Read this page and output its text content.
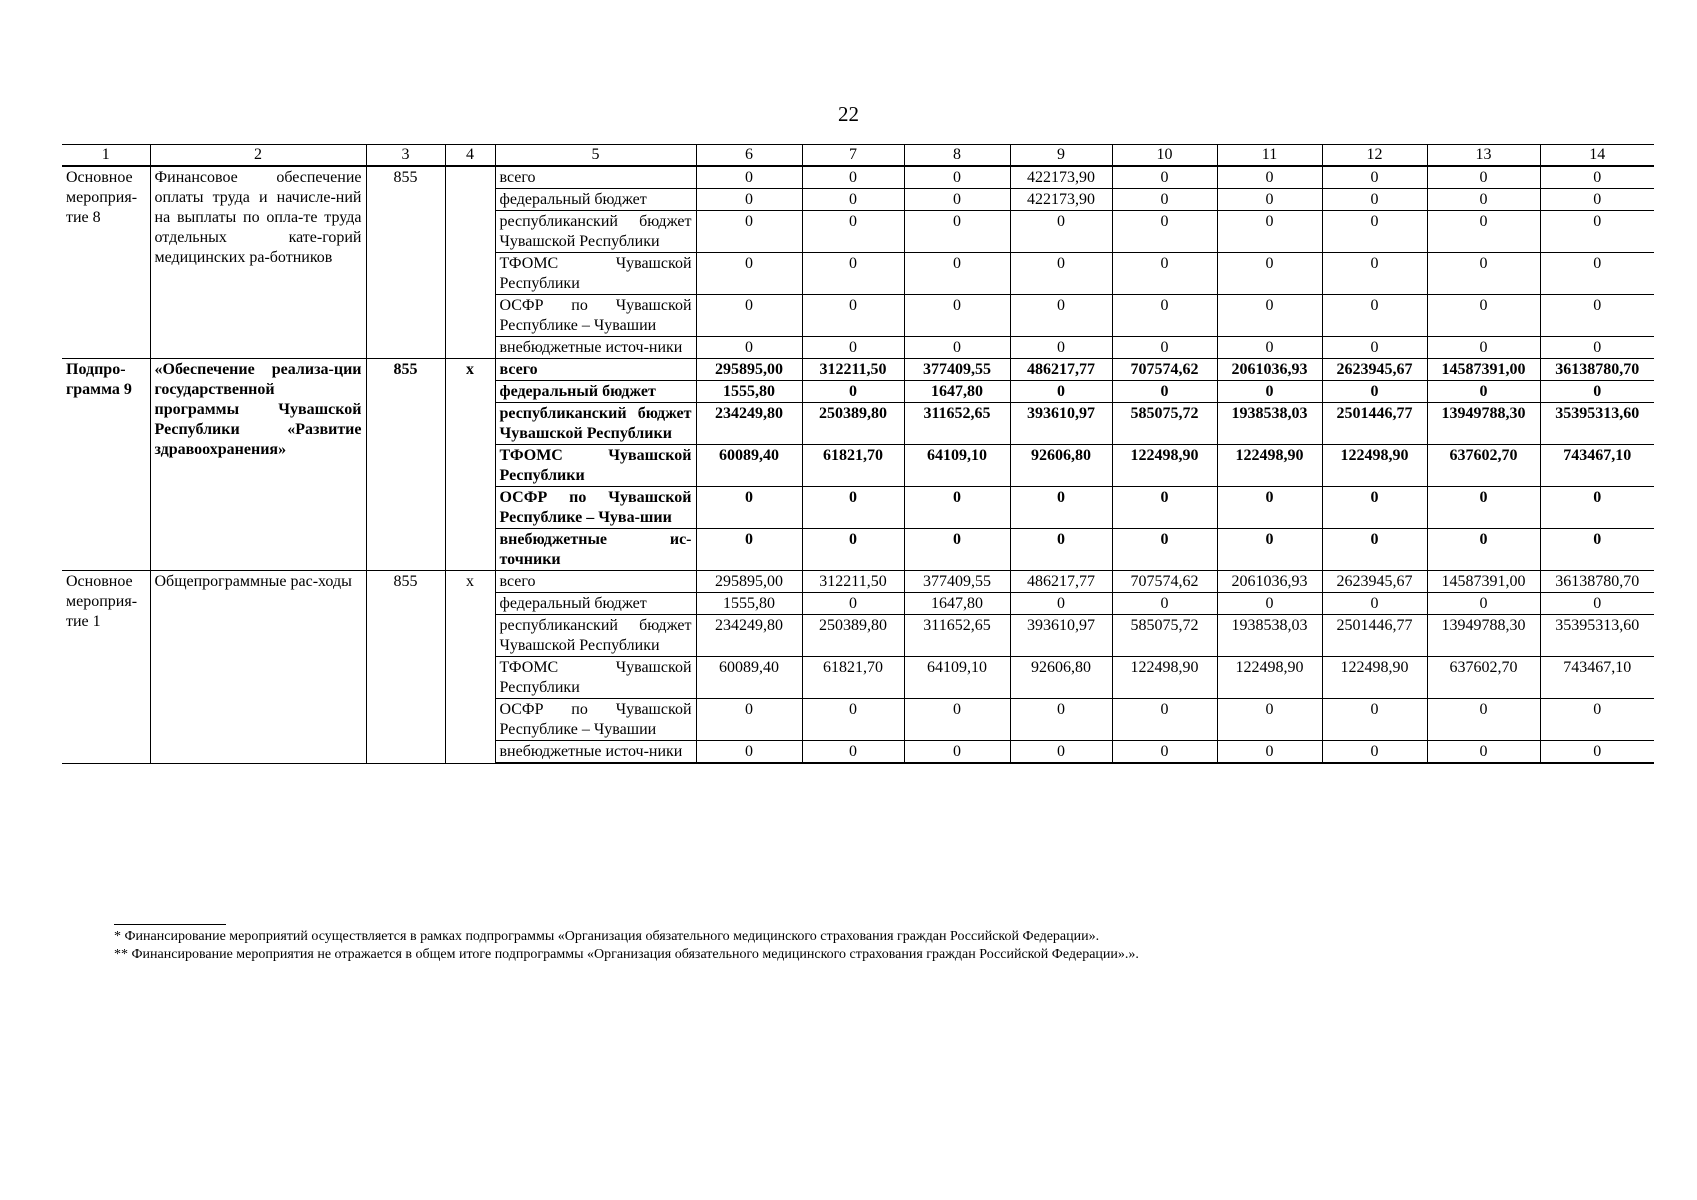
22
1	2	3	4	5	6	7	8	9	10	11	12	13	14
Основное мероприя-тие 8	Финансовое обеспечение оплаты труда и начисле-ний на выплаты по опла-те труда отдельных кате-горий медицинских ра-ботников	855		всего	0	0	0	422173,90	0	0	0	0	0
				федеральный бюджет	0	0	0	422173,90	0	0	0	0	0
				республиканский бюджет Чувашской Республики	0	0	0	0	0	0	0	0	0
				ТФОМС Чувашской Республики	0	0	0	0	0	0	0	0	0
				ОСФР по Чувашской Республике – Чувашии	0	0	0	0	0	0	0	0	0
				внебюджетные источ-ники	0	0	0	0	0	0	0	0	0
Подпро-грамма 9	«Обеспечение реализа-ции государственной программы Чувашской Республики «Развитие здравоохранения»	855	х	всего	295895,00	312211,50	377409,55	486217,77	707574,62	2061036,93	2623945,67	14587391,00	36138780,70
				федеральный бюджет	1555,80	0	1647,80	0	0	0	0	0	0
				республиканский бюджет Чувашской Республики	234249,80	250389,80	311652,65	393610,97	585075,72	1938538,03	2501446,77	13949788,30	35395313,60
				ТФОМС Чувашской Республики	60089,40	61821,70	64109,10	92606,80	122498,90	122498,90	122498,90	637602,70	743467,10
				ОСФР по Чувашской Республике – Чува-шии	0	0	0	0	0	0	0	0	0
				внебюджетные ис-точники	0	0	0	0	0	0	0	0	0
Основное мероприя-тие 1	Общепрограммные рас-ходы	855	х	всего	295895,00	312211,50	377409,55	486217,77	707574,62	2061036,93	2623945,67	14587391,00	36138780,70
				федеральный бюджет	1555,80	0	1647,80	0	0	0	0	0	0
				республиканский бюджет Чувашской Республики	234249,80	250389,80	311652,65	393610,97	585075,72	1938538,03	2501446,77	13949788,30	35395313,60
				ТФОМС Чувашской Республики	60089,40	61821,70	64109,10	92606,80	122498,90	122498,90	122498,90	637602,70	743467,10
				ОСФР по Чувашской Республике – Чувашии	0	0	0	0	0	0	0	0	0
				внебюджетные источ-ники	0	0	0	0	0	0	0	0	0
* Финансирование мероприятий осуществляется в рамках подпрограммы «Организация обязательного медицинского страхования граждан Российской Федерации».
** Финансирование мероприятия не отражается в общем итоге подпрограммы «Организация обязательного медицинского страхования граждан Российской Федерации».».
